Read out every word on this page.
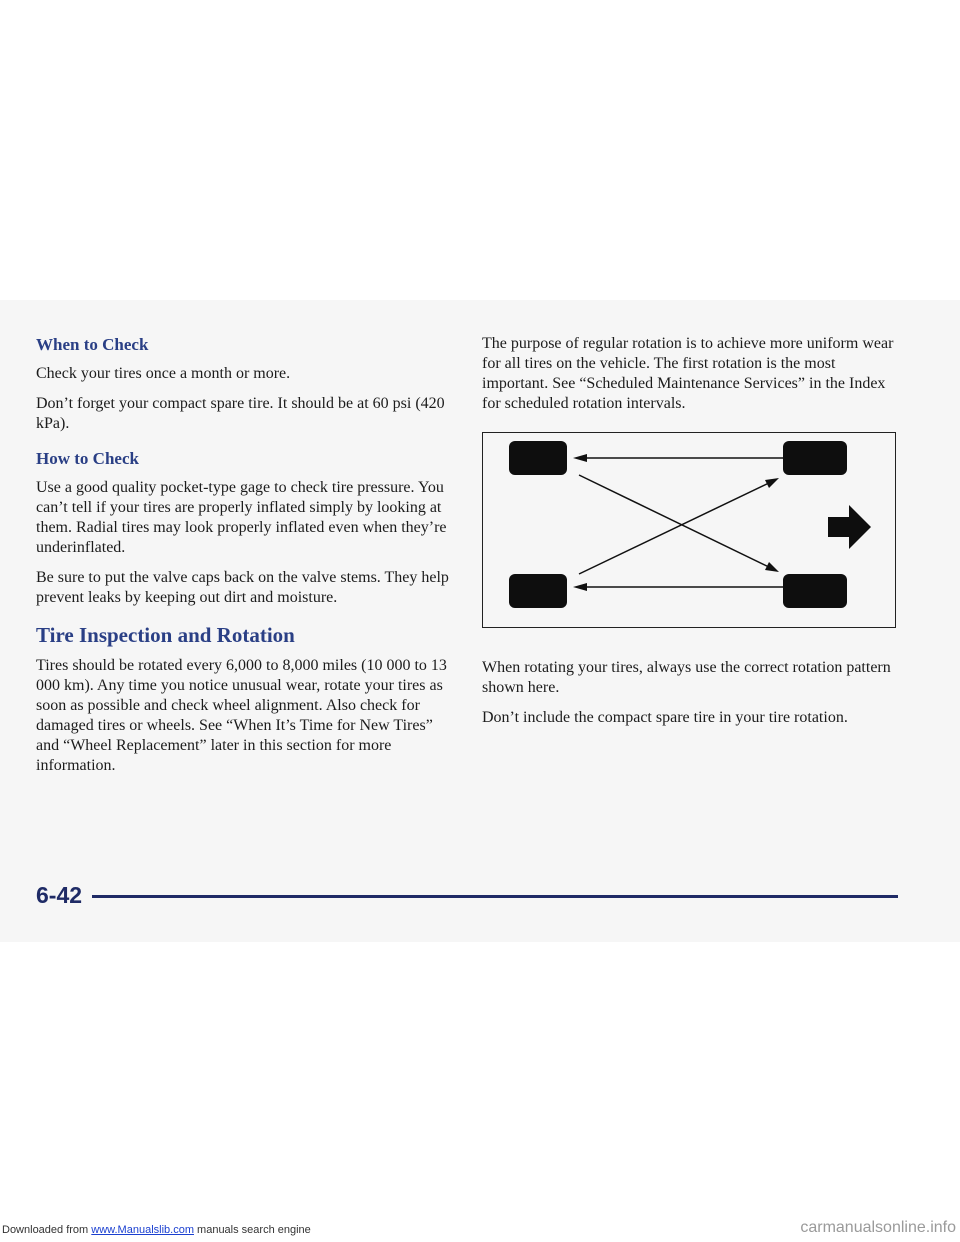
When to Check

Check your tires once a month or more.

Don’t forget your compact spare tire. It should be at 60 psi (420 kPa).

How to Check

Use a good quality pocket-type gage to check tire pressure. You can’t tell if your tires are properly inflated simply by looking at them. Radial tires may look properly inflated even when they’re underinflated.

Be sure to put the valve caps back on the valve stems. They help prevent leaks by keeping out dirt and moisture.

Tire Inspection and Rotation

Tires should be rotated every 6,000 to 8,000 miles (10 000 to 13 000 km). Any time you notice unusual wear, rotate your tires as soon as possible and check wheel alignment. Also check for damaged tires or wheels. See “When It’s Time for New Tires” and “Wheel Replacement” later in this section for more information.

The purpose of regular rotation is to achieve more uniform wear for all tires on the vehicle. The first rotation is the most important. See “Scheduled Maintenance Services” in the Index for scheduled rotation intervals.

When rotating your tires, always use the correct rotation pattern shown here.

Don’t include the compact spare tire in your tire rotation.

6-42
Downloaded from www.Manualslib.com manuals search engine	carmanualsonline.info
